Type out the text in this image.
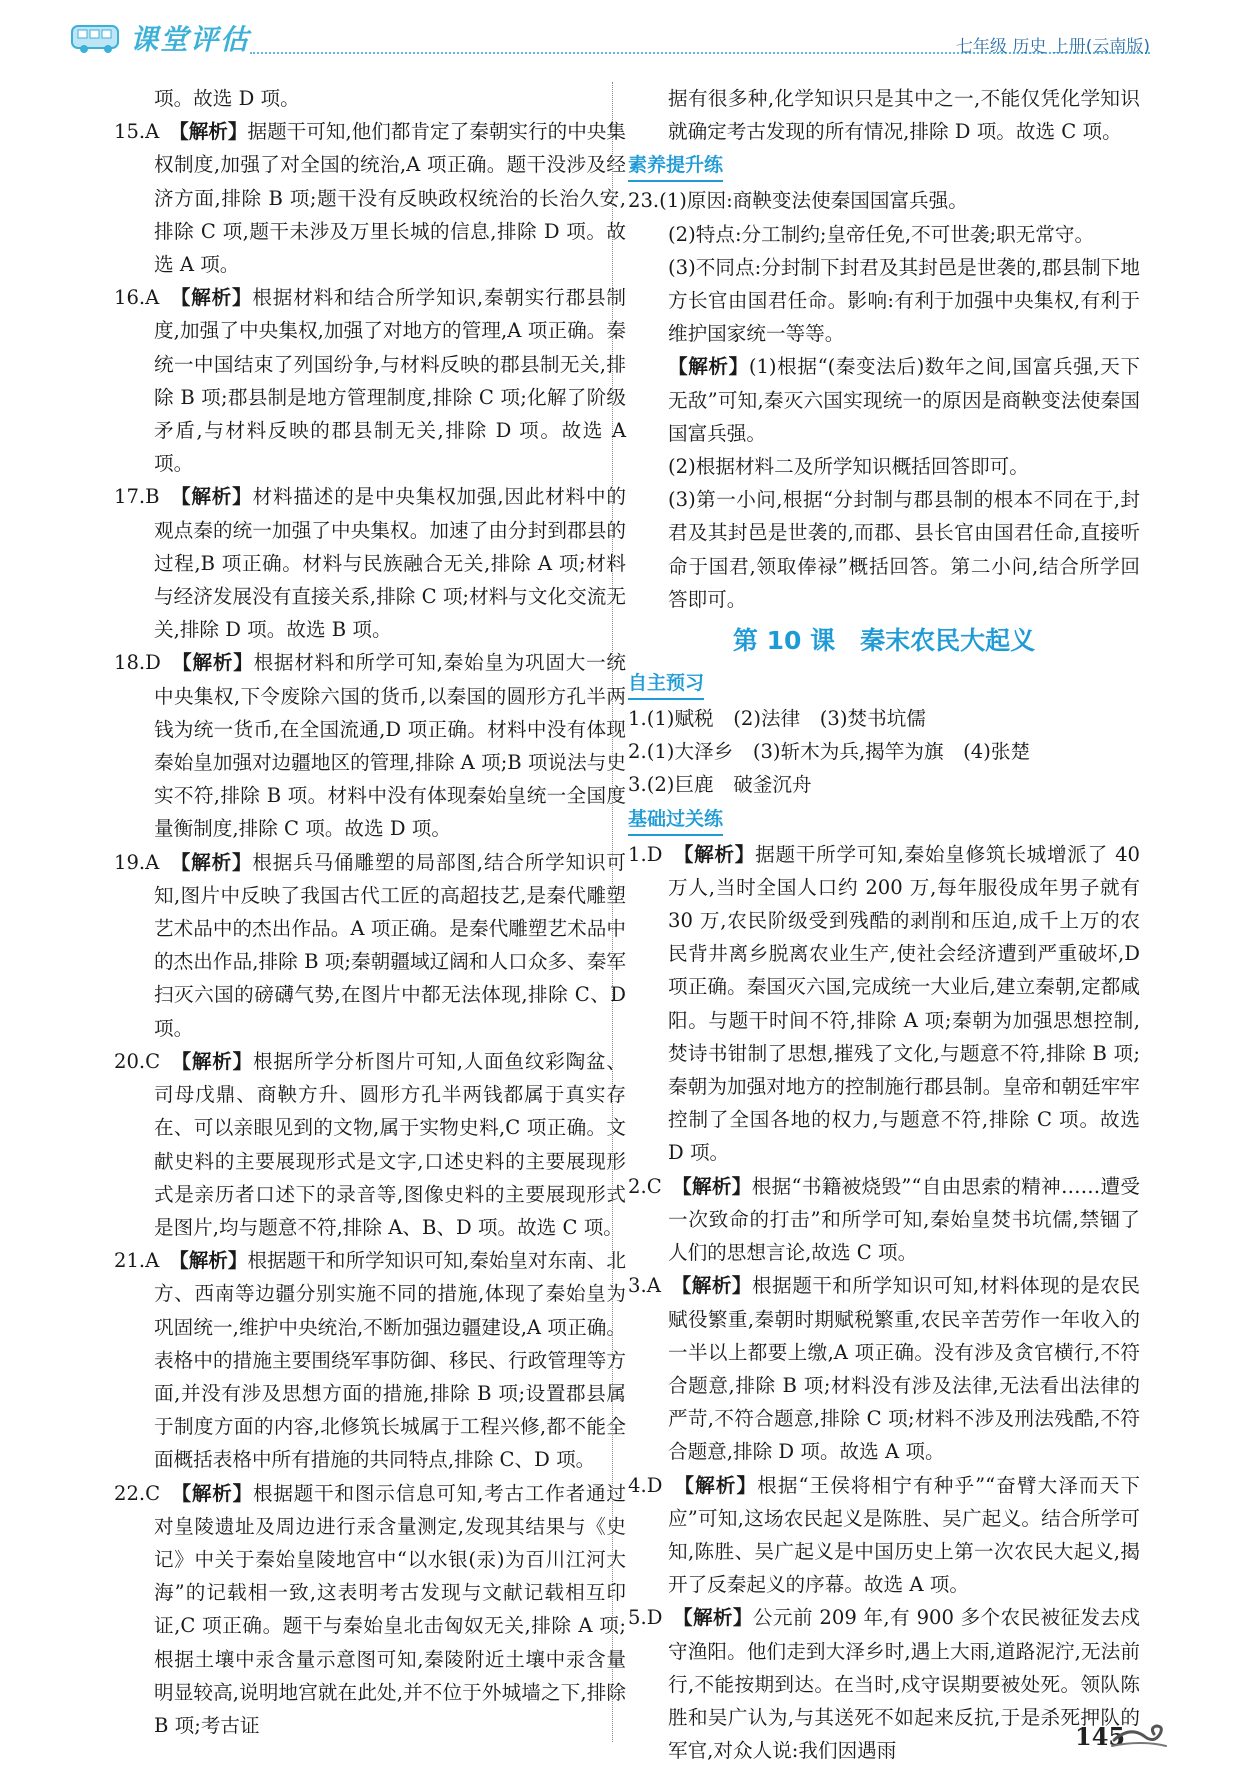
课堂评估	七年级 历史 上册(云南版)

项。故选 D 项。

15.A　 【解析】据题干可知,他们都肯定了秦朝实行的中央集权制度,加强了对全国的统治,A 项正确。题干没涉及经济方面,排除 B 项;题干没有反映政权统治的长治久安,排除 C 项,题干未涉及万里长城的信息,排除 D 项。故选 A 项。

16.A　 【解析】根据材料和结合所学知识,秦朝实行郡县制度,加强了中央集权,加强了对地方的管理,A 项正确。秦统一中国结束了列国纷争,与材料反映的郡县制无关,排除 B 项;郡县制是地方管理制度,排除 C 项;化解了阶级矛盾,与材料反映的郡县制无关,排除 D 项。故选 A 项。

17.B　 【解析】材料描述的是中央集权加强,因此材料中的观点秦的统一加强了中央集权。加速了由分封到郡县的过程,B 项正确。材料与民族融合无关,排除 A 项;材料与经济发展没有直接关系,排除 C 项;材料与文化交流无关,排除 D 项。故选 B 项。

18.D　 【解析】根据材料和所学可知,秦始皇为巩固大一统中央集权,下令废除六国的货币,以秦国的圆形方孔半两钱为统一货币,在全国流通,D 项正确。材料中没有体现秦始皇加强对边疆地区的管理,排除 A 项;B 项说法与史实不符,排除 B 项。材料中没有体现秦始皇统一全国度量衡制度,排除 C 项。故选 D 项。

19.A　 【解析】根据兵马俑雕塑的局部图,结合所学知识可知,图片中反映了我国古代工匠的高超技艺,是秦代雕塑艺术品中的杰出作品。A 项正确。是秦代雕塑艺术品中的杰出作品,排除 B 项;秦朝疆域辽阔和人口众多、秦军扫灭六国的磅礴气势,在图片中都无法体现,排除 C、D 项。

20.C　 【解析】根据所学分析图片可知,人面鱼纹彩陶盆、司母戊鼎、商鞅方升、圆形方孔半两钱都属于真实存在、可以亲眼见到的文物,属于实物史料,C 项正确。文献史料的主要展现形式是文字,口述史料的主要展现形式是亲历者口述下的录音等,图像史料的主要展现形式是图片,均与题意不符,排除 A、B、D 项。故选 C 项。

21.A　 【解析】根据题干和所学知识可知,秦始皇对东南、北方、西南等边疆分别实施不同的措施,体现了秦始皇为巩固统一,维护中央统治,不断加强边疆建设,A 项正确。表格中的措施主要围绕军事防御、移民、行政管理等方面,并没有涉及思想方面的措施,排除 B 项;设置郡县属于制度方面的内容,北修筑长城属于工程兴修,都不能全面概括表格中所有措施的共同特点,排除 C、D 项。

22.C　 【解析】根据题干和图示信息可知,考古工作者通过对皇陵遗址及周边进行汞含量测定,发现其结果与《史记》中关于秦始皇陵地宫中“以水银(汞)为百川江河大海”的记载相一致,这表明考古发现与文献记载相互印证,C 项正确。题干与秦始皇北击匈奴无关,排除 A 项;根据土壤中汞含量示意图可知,秦陵附近土壤中汞含量明显较高,说明地宫就在此处,并不位于外城墙之下,排除 B 项;考古证

据有很多种,化学知识只是其中之一,不能仅凭化学知识就确定考古发现的所有情况,排除 D 项。故选 C 项。

素养提升练

23.(1)原因:商鞅变法使秦国国富兵强。

(2)特点:分工制约;皇帝任免,不可世袭;职无常守。

(3)不同点:分封制下封君及其封邑是世袭的,郡县制下地方长官由国君任命。影响:有利于加强中央集权,有利于维护国家统一等等。

【解析】(1)根据“(秦变法后)数年之间,国富兵强,天下无敌”可知,秦灭六国实现统一的原因是商鞅变法使秦国国富兵强。

(2)根据材料二及所学知识概括回答即可。

(3)第一小问,根据“分封制与郡县制的根本不同在于,封君及其封邑是世袭的,而郡、县长官由国君任命,直接听命于国君,领取俸禄”概括回答。第二小问,结合所学回答即可。

第 10 课　秦末农民大起义
自主预习

1.(1)赋税　(2)法律　(3)焚书坑儒

2.(1)大泽乡　(3)斩木为兵,揭竿为旗　(4)张楚

3.(2)巨鹿　破釜沉舟

基础过关练

1.D　 【解析】据题干所学可知,秦始皇修筑长城增派了 40 万人,当时全国人口约 200 万,每年服役成年男子就有 30 万,农民阶级受到残酷的剥削和压迫,成千上万的农民背井离乡脱离农业生产,使社会经济遭到严重破坏,D 项正确。秦国灭六国,完成统一大业后,建立秦朝,定都咸阳。与题干时间不符,排除 A 项;秦朝为加强思想控制,焚诗书钳制了思想,摧残了文化,与题意不符,排除 B 项;秦朝为加强对地方的控制施行郡县制。皇帝和朝廷牢牢控制了全国各地的权力,与题意不符,排除 C 项。故选 D 项。

2.C　 【解析】根据“书籍被烧毁”“自由思索的精神……遭受一次致命的打击”和所学可知,秦始皇焚书坑儒,禁锢了人们的思想言论,故选 C 项。

3.A　 【解析】根据题干和所学知识可知,材料体现的是农民赋役繁重,秦朝时期赋税繁重,农民辛苦劳作一年收入的一半以上都要上缴,A 项正确。没有涉及贪官横行,不符合题意,排除 B 项;材料没有涉及法律,无法看出法律的严苛,不符合题意,排除 C 项;材料不涉及刑法残酷,不符合题意,排除 D 项。故选 A 项。

4.D　 【解析】根据“王侯将相宁有种乎”“奋臂大泽而天下应”可知,这场农民起义是陈胜、吴广起义。结合所学可知,陈胜、吴广起义是中国历史上第一次农民大起义,揭开了反秦起义的序幕。故选 A 项。

5.D　 【解析】公元前 209 年,有 900 多个农民被征发去戍守渔阳。他们走到大泽乡时,遇上大雨,道路泥泞,无法前行,不能按期到达。在当时,戍守误期要被处死。领队陈胜和吴广认为,与其送死不如起来反抗,于是杀死押队的军官,对众人说:我们因遇雨	145
